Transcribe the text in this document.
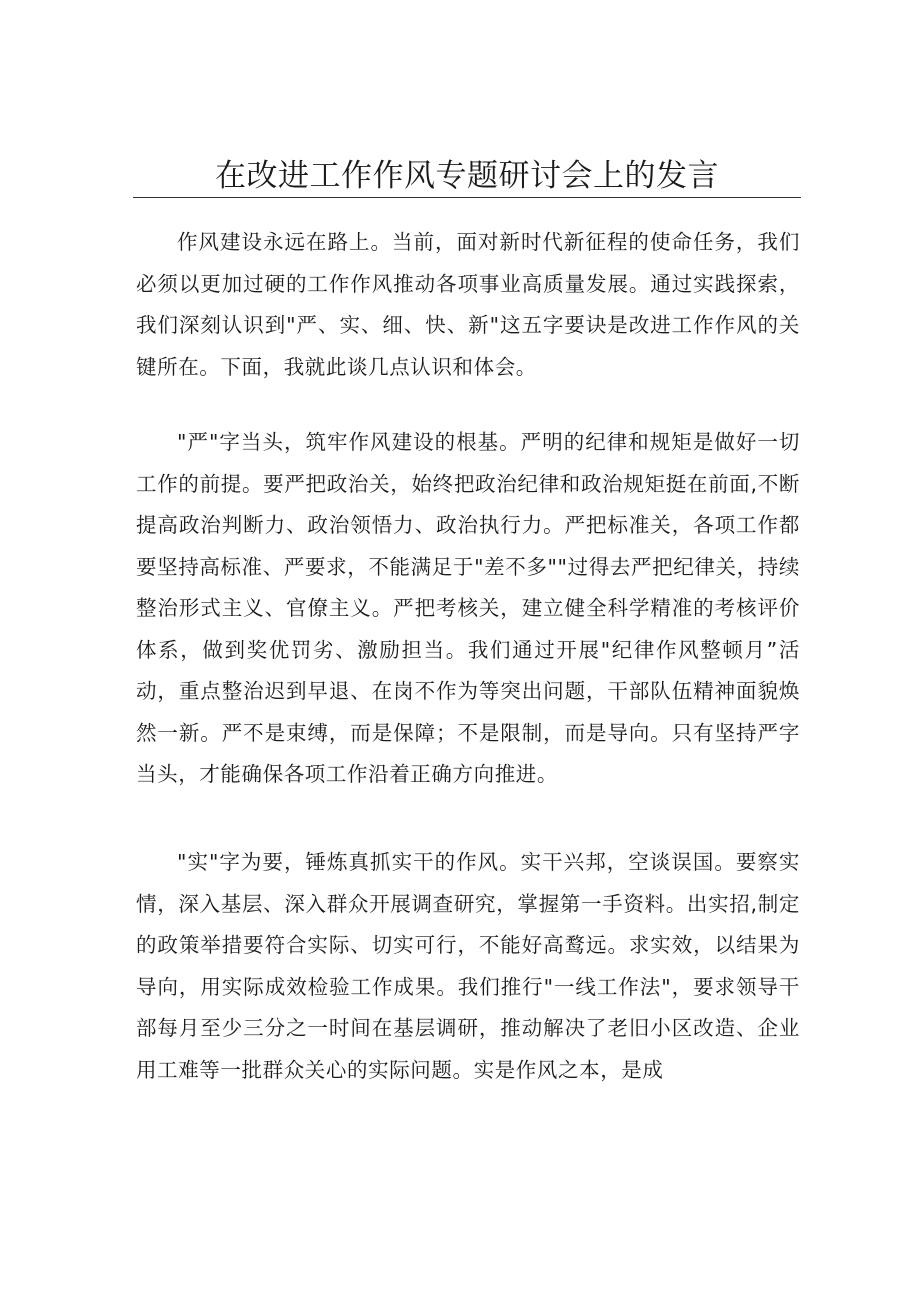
在改进工作作风专题研讨会上的发言

作风建设永远在路上。当前，面对新时代新征程的使命任务，我们必须以更加过硬的工作作风推动各项事业高质量发展。通过实践探索，我们深刻认识到"严、实、细、快、新"这五字要诀是改进工作作风的关键所在。下面，我就此谈几点认识和体会。

"严"字当头，筑牢作风建设的根基。严明的纪律和规矩是做好一切工作的前提。要严把政治关，始终把政治纪律和政治规矩挺在前面,不断提高政治判断力、政治领悟力、政治执行力。严把标准关，各项工作都要坚持高标准、严要求，不能满足于"差不多""过得去严把纪律关，持续整治形式主义、官僚主义。严把考核关，建立健全科学精准的考核评价体系，做到奖优罚劣、激励担当。我们通过开展"纪律作风整顿月”活动，重点整治迟到早退、在岗不作为等突出问题，干部队伍精神面貌焕然一新。严不是束缚，而是保障；不是限制，而是导向。只有坚持严字当头，才能确保各项工作沿着正确方向推进。

"实"字为要，锤炼真抓实干的作风。实干兴邦，空谈误国。要察实情，深入基层、深入群众开展调查研究，掌握第一手资料。出实招,制定的政策举措要符合实际、切实可行，不能好高鹜远。求实效，以结果为导向，用实际成效检验工作成果。我们推行"一线工作法"，要求领导干部每月至少三分之一时间在基层调研，推动解决了老旧小区改造、企业用工难等一批群众关心的实际问题。实是作风之本，是成
